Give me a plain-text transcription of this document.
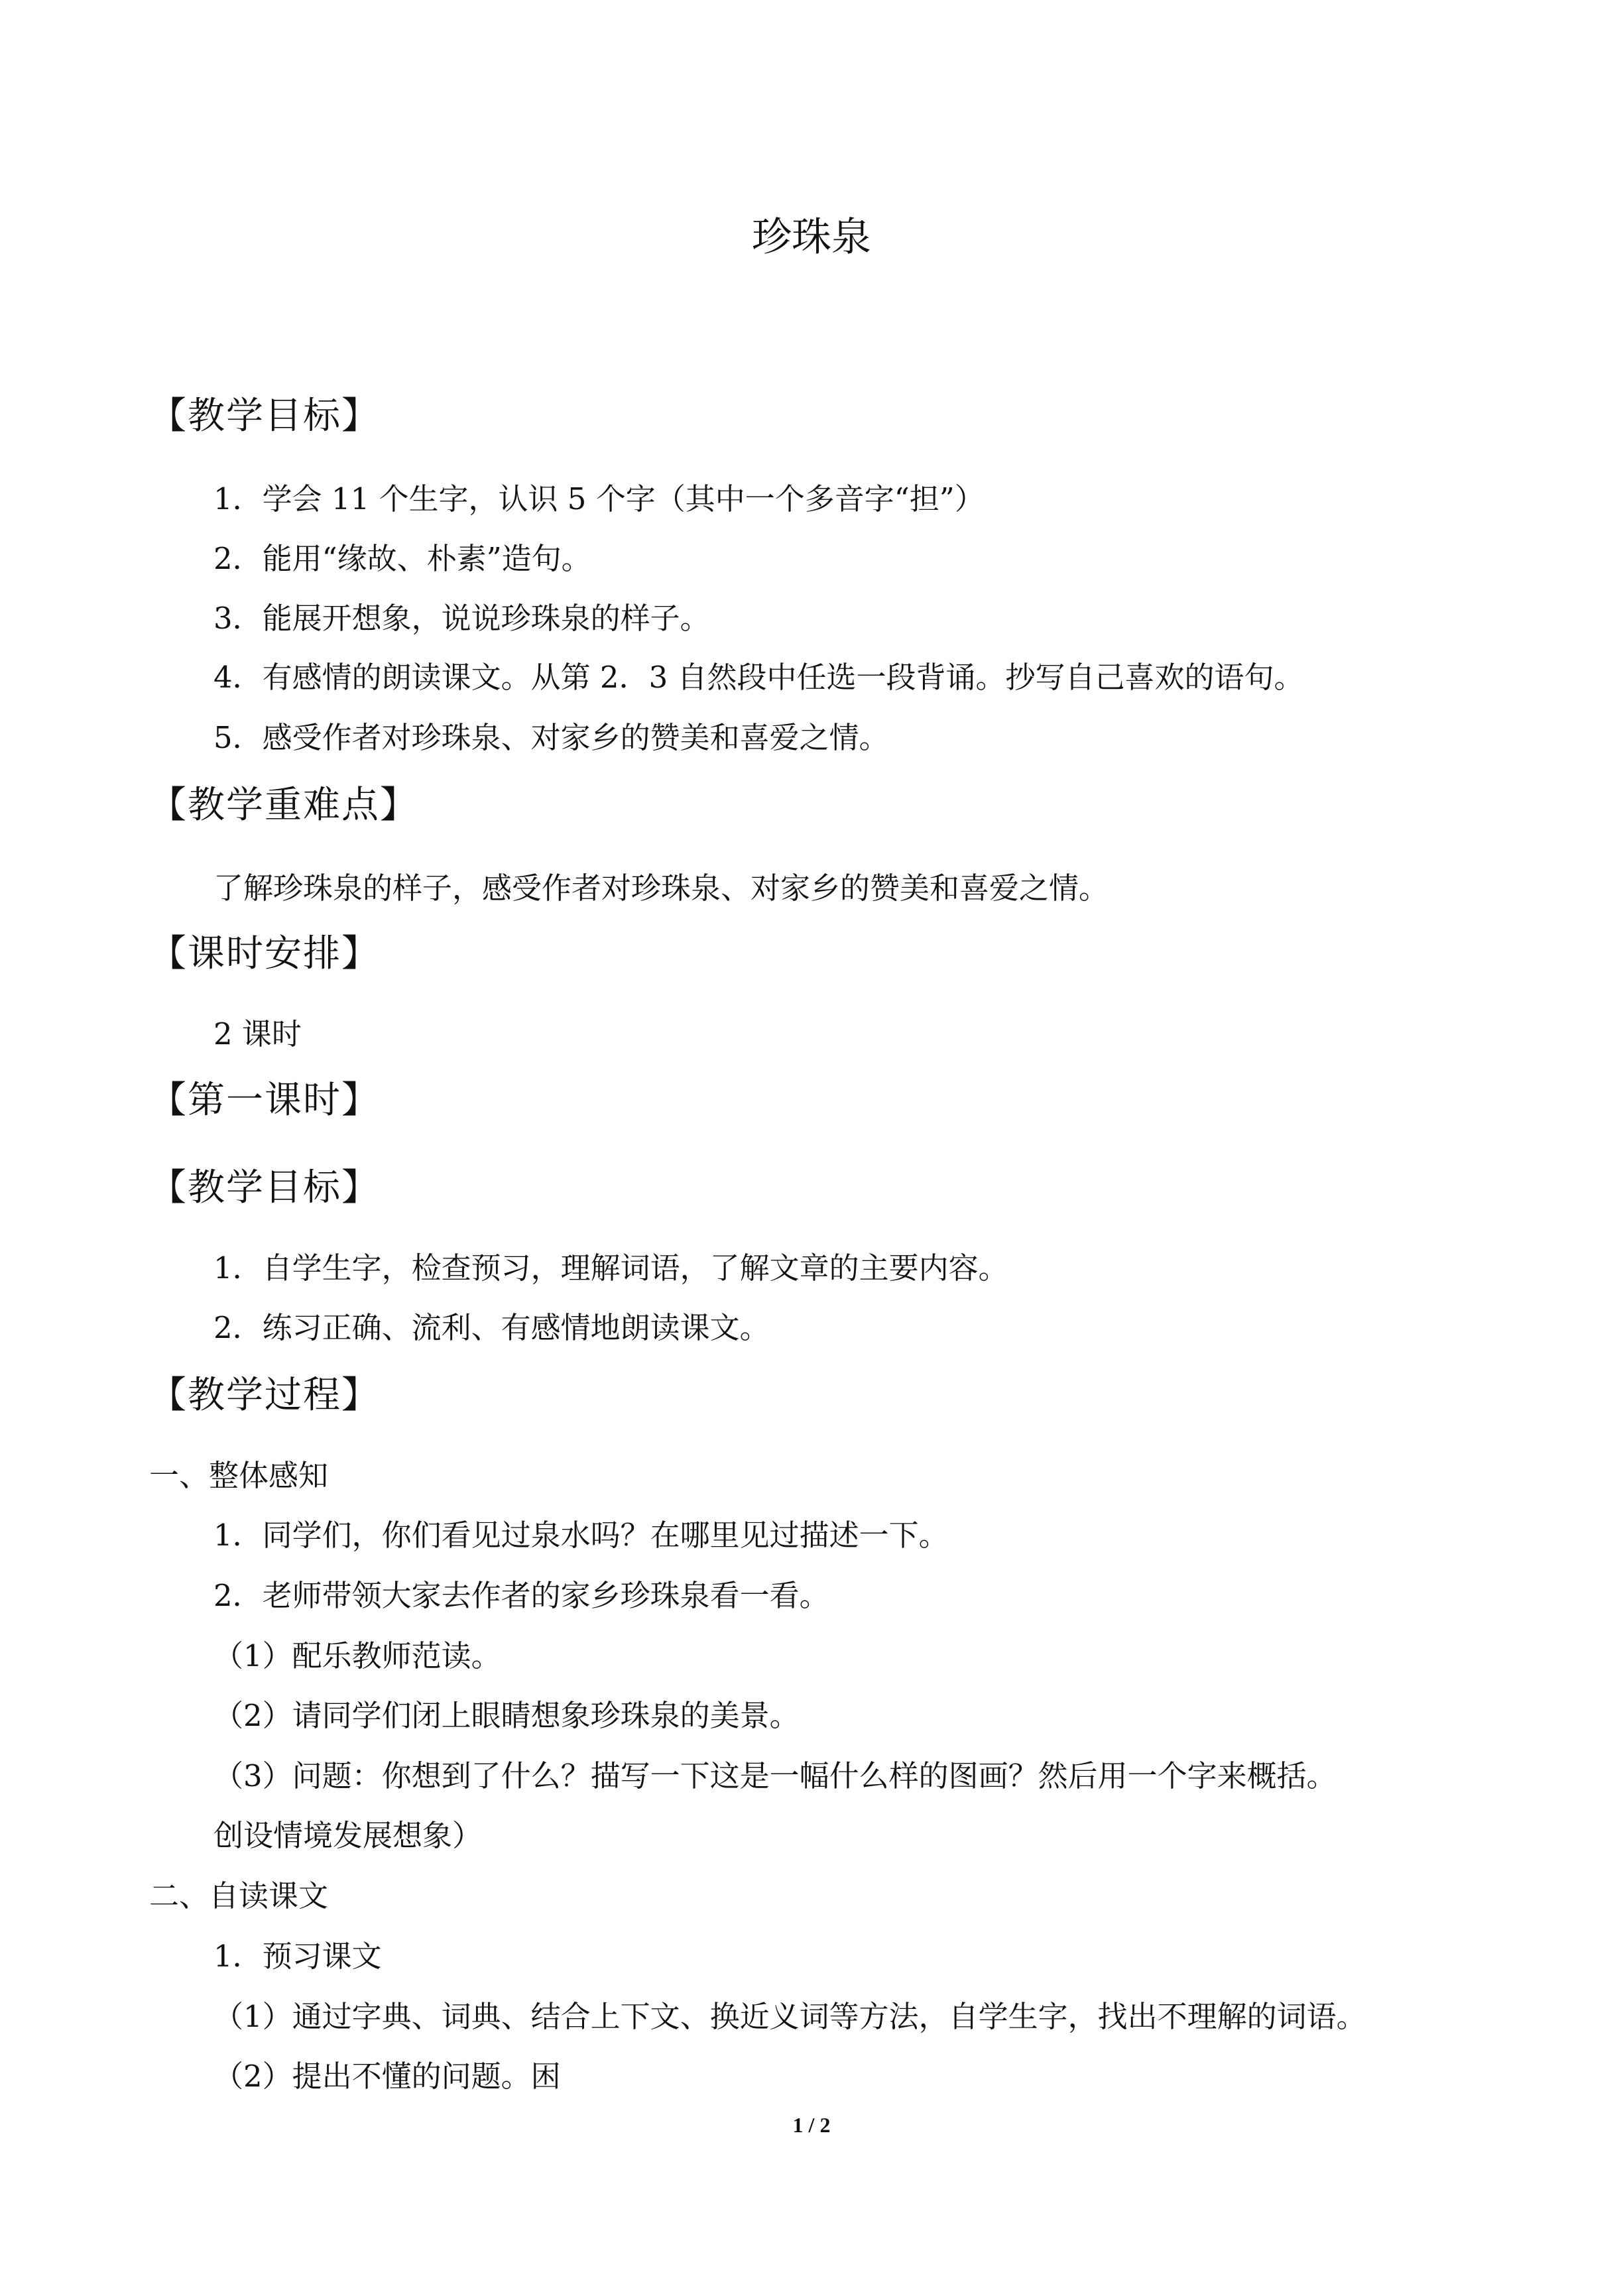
珍珠泉
【教学目标】
1．学会 11 个生字，认识 5 个字（其中一个多音字“担”）
2．能用“缘故、朴素”造句。
3．能展开想象，说说珍珠泉的样子。
4．有感情的朗读课文。从第 2．3 自然段中任选一段背诵。抄写自己喜欢的语句。
5．感受作者对珍珠泉、对家乡的赞美和喜爱之情。
【教学重难点】
了解珍珠泉的样子，感受作者对珍珠泉、对家乡的赞美和喜爱之情。
【课时安排】
2 课时
【第一课时】
【教学目标】
1．自学生字，检查预习，理解词语，了解文章的主要内容。
2．练习正确、流利、有感情地朗读课文。
【教学过程】
一、整体感知
1．同学们，你们看见过泉水吗？在哪里见过描述一下。
2．老师带领大家去作者的家乡珍珠泉看一看。
（1）配乐教师范读。
（2）请同学们闭上眼睛想象珍珠泉的美景。
（3）问题：你想到了什么？描写一下这是一幅什么样的图画？然后用一个字来概括。
创设情境发展想象）
二、自读课文
1．预习课文
（1）通过字典、词典、结合上下文、换近义词等方法，自学生字，找出不理解的词语。
（2）提出不懂的问题。困
1 / 2
